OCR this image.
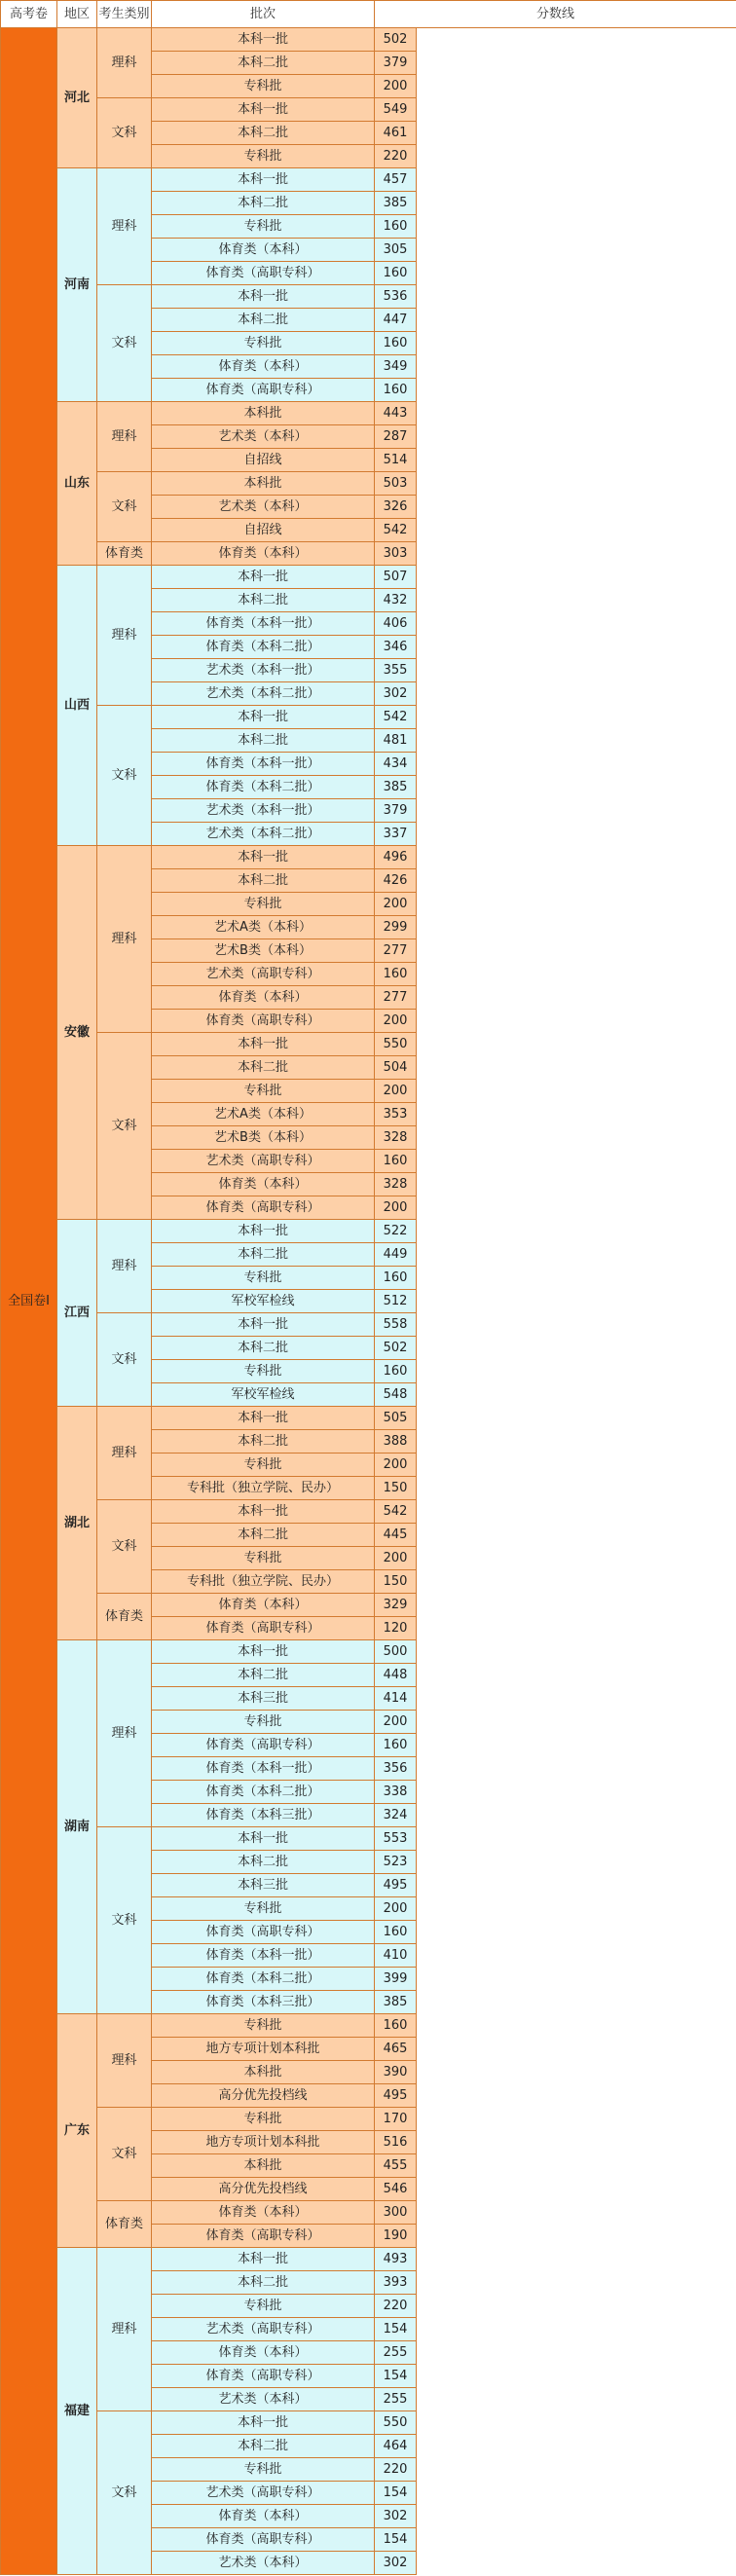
高考卷	地区	考生类别	批次	分数线	
全国卷Ⅰ	河北	理科	本科一批	502	
			本科二批	379	
			专科批	200	
		文科	本科一批	549	
			本科二批	461	
			专科批	220	
	河南	理科	本科一批	457	
			本科二批	385	
			专科批	160	
			体育类（本科）	305	
			体育类（高职专科）	160	
		文科	本科一批	536	
			本科二批	447	
			专科批	160	
			体育类（本科）	349	
			体育类（高职专科）	160	
	山东	理科	本科批	443	
			艺术类（本科）	287	
			自招线	514	
		文科	本科批	503	
			艺术类（本科）	326	
			自招线	542	
		体育类	体育类（本科）	303	
	山西	理科	本科一批	507	
			本科二批	432	
			体育类（本科一批）	406	
			体育类（本科二批）	346	
			艺术类（本科一批）	355	
			艺术类（本科二批）	302	
		文科	本科一批	542	
			本科二批	481	
			体育类（本科一批）	434	
			体育类（本科二批）	385	
			艺术类（本科一批）	379	
			艺术类（本科二批）	337	
	安徽	理科	本科一批	496	
			本科二批	426	
			专科批	200	
			艺术A类（本科）	299	
			艺术B类（本科）	277	
			艺术类（高职专科）	160	
			体育类（本科）	277	
			体育类（高职专科）	200	
		文科	本科一批	550	
			本科二批	504	
			专科批	200	
			艺术A类（本科）	353	
			艺术B类（本科）	328	
			艺术类（高职专科）	160	
			体育类（本科）	328	
			体育类（高职专科）	200	
	江西	理科	本科一批	522	
			本科二批	449	
			专科批	160	
			军校军检线	512	
		文科	本科一批	558	
			本科二批	502	
			专科批	160	
			军校军检线	548	
	湖北	理科	本科一批	505	
			本科二批	388	
			专科批	200	
			专科批（独立学院、民办）	150	
		文科	本科一批	542	
			本科二批	445	
			专科批	200	
			专科批（独立学院、民办）	150	
		体育类	体育类（本科）	329	
			体育类（高职专科）	120	
	湖南	理科	本科一批	500	
			本科二批	448	
			本科三批	414	
			专科批	200	
			体育类（高职专科）	160	
			体育类（本科一批）	356	
			体育类（本科二批）	338	
			体育类（本科三批）	324	
		文科	本科一批	553	
			本科二批	523	
			本科三批	495	
			专科批	200	
			体育类（高职专科）	160	
			体育类（本科一批）	410	
			体育类（本科二批）	399	
			体育类（本科三批）	385	
	广东	理科	专科批	160	
			地方专项计划本科批	465	
			本科批	390	
			高分优先投档线	495	
		文科	专科批	170	
			地方专项计划本科批	516	
			本科批	455	
			高分优先投档线	546	
		体育类	体育类（本科）	300	
			体育类（高职专科）	190	
	福建	理科	本科一批	493	
			本科二批	393	
			专科批	220	
			艺术类（高职专科）	154	
			体育类（本科）	255	
			体育类（高职专科）	154	
			艺术类（本科）	255	
		文科	本科一批	550	
			本科二批	464	
			专科批	220	
			艺术类（高职专科）	154	
			体育类（本科）	302	
			体育类（高职专科）	154	
			艺术类（本科）	302	
